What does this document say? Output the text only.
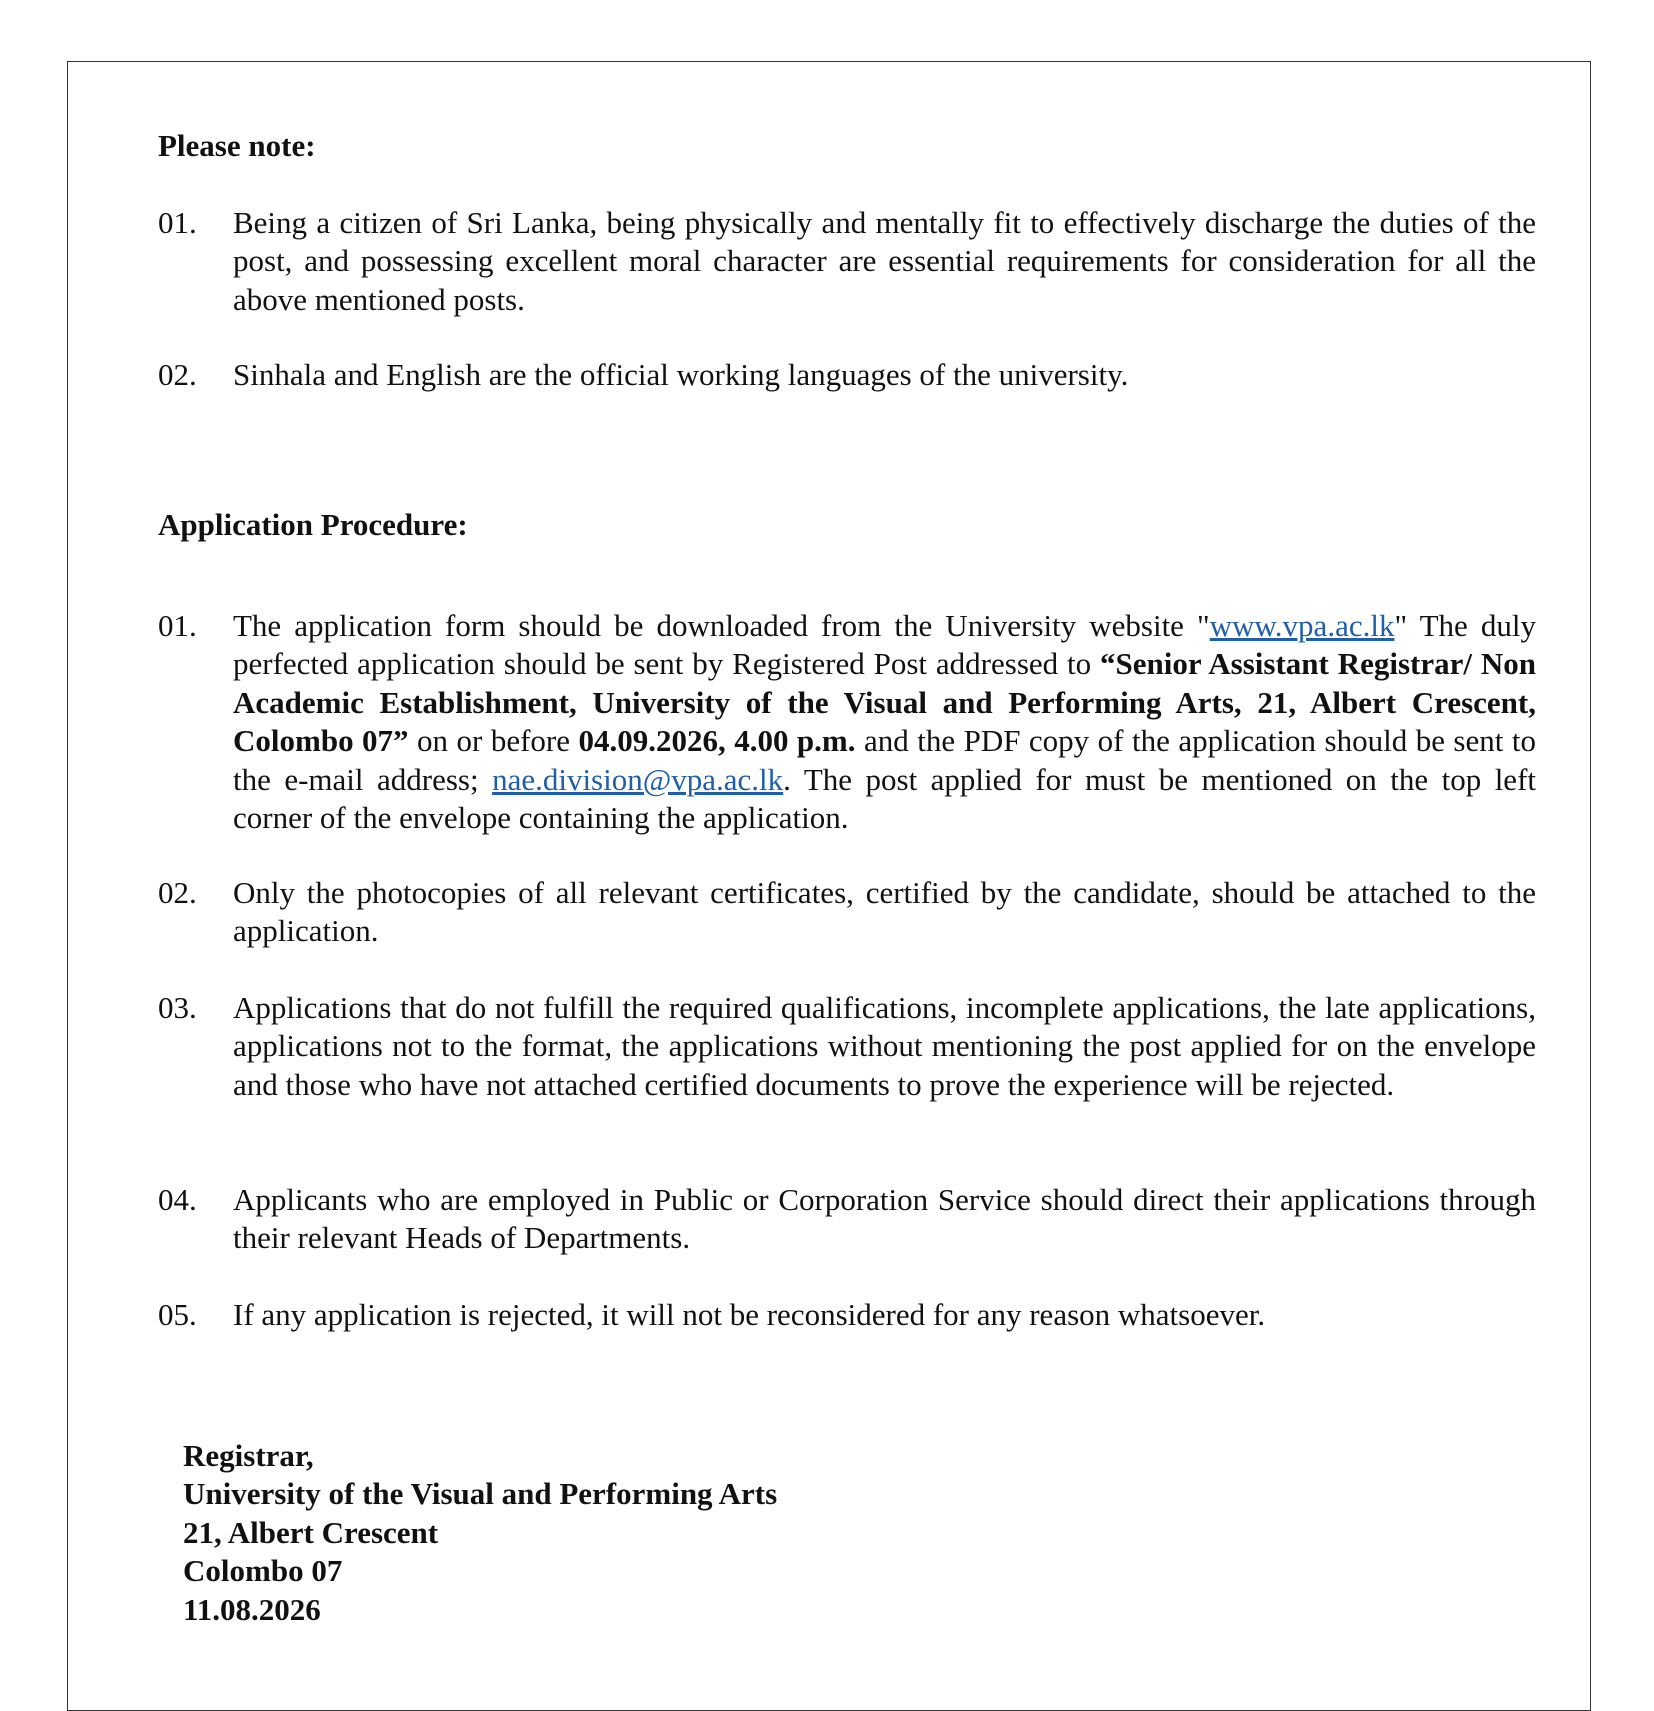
Please note:
01. Being a citizen of Sri Lanka, being physically and mentally fit to effectively discharge the duties of the post, and possessing excellent moral character are essential requirements for consideration for all the above mentioned posts.
02. Sinhala and English are the official working languages of the university.
Application Procedure:
01. The application form should be downloaded from the University website "www.vpa.ac.lk" The duly perfected application should be sent by Registered Post addressed to “Senior Assistant Registrar/ Non Academic Establishment, University of the Visual and Performing Arts, 21, Albert Crescent, Colombo 07” on or before 04.09.2026, 4.00 p.m. and the PDF copy of the application should be sent to the e-mail address; nae.division@vpa.ac.lk. The post applied for must be mentioned on the top left corner of the envelope containing the application.
02. Only the photocopies of all relevant certificates, certified by the candidate, should be attached to the application.
03. Applications that do not fulfill the required qualifications, incomplete applications, the late applications, applications not to the format, the applications without mentioning the post applied for on the envelope and those who have not attached certified documents to prove the experience will be rejected.
04. Applicants who are employed in Public or Corporation Service should direct their applications through their relevant Heads of Departments.
05. If any application is rejected, it will not be reconsidered for any reason whatsoever.
Registrar,
University of the Visual and Performing Arts
21, Albert Crescent
Colombo 07
11.08.2026
